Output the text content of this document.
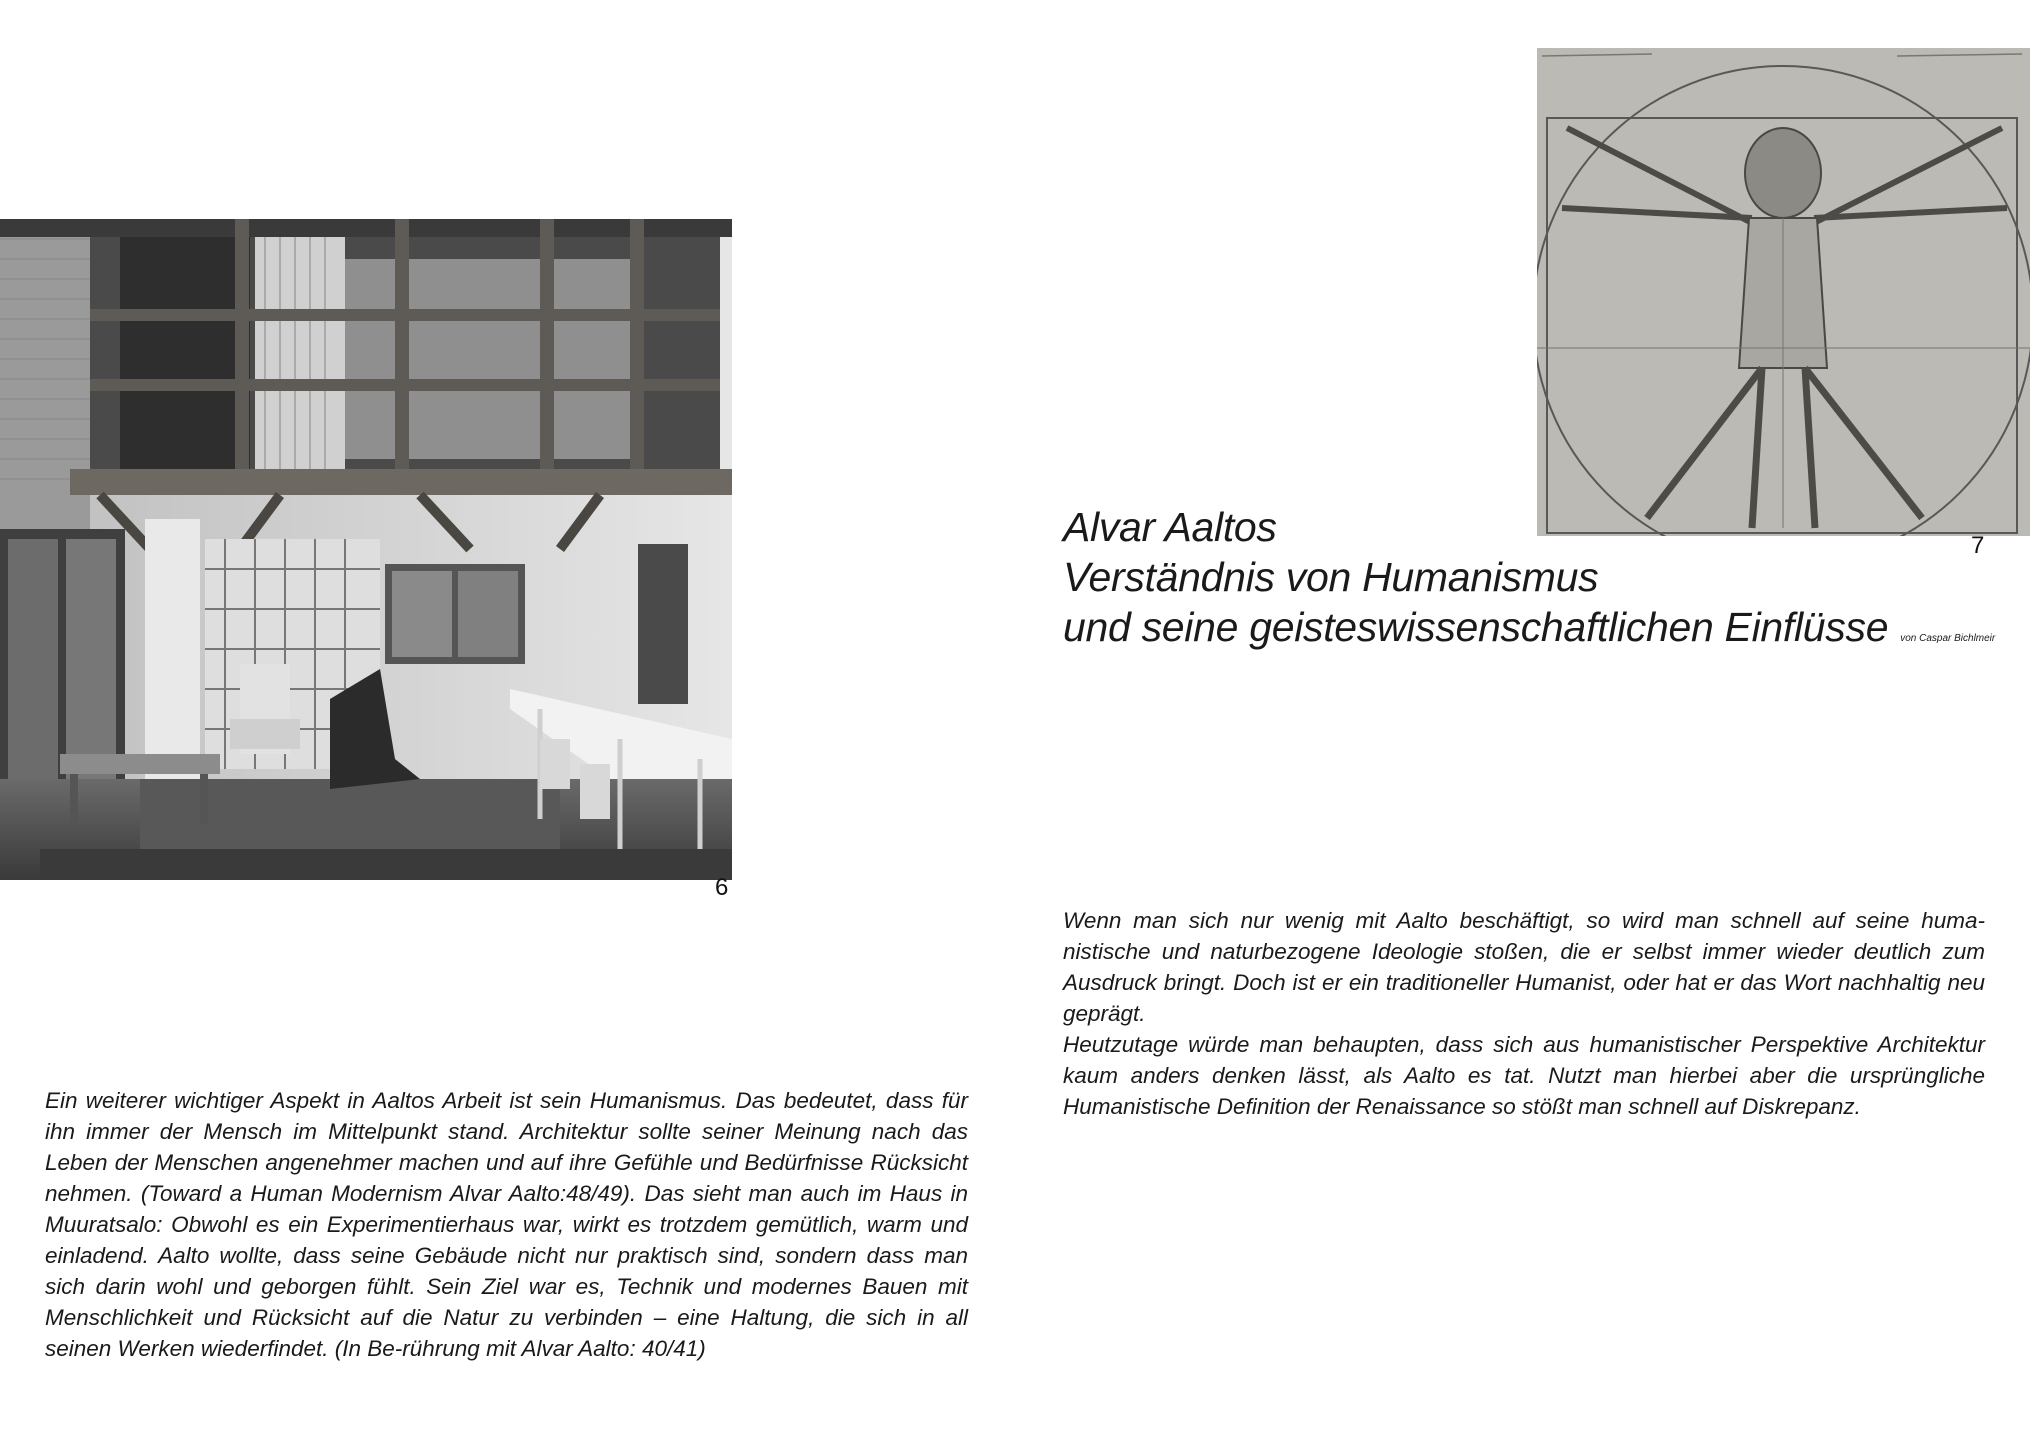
6
7
Alvar Aaltos
Verständnis von Humanismus
und seine geisteswissenschaftlichen Einflüsse von Caspar Bichlmeir

Wenn man sich nur wenig mit Aalto beschäftigt, so wird man schnell auf seine huma-nistische und naturbezogene Ideologie stoßen, die er selbst immer wieder deutlich zum Ausdruck bringt. Doch ist er ein traditioneller Humanist, oder hat er das Wort nachhaltig neu geprägt.

Heutzutage würde man behaupten, dass sich aus humanistischer Perspektive Architektur kaum anders denken lässt, als Aalto es tat. Nutzt man hierbei aber die ursprüngliche Humanistische Definition der Renaissance so stößt man schnell auf Diskrepanz.

Ein weiterer wichtiger Aspekt in Aaltos Arbeit ist sein Humanismus. Das bedeutet, dass für ihn immer der Mensch im Mittelpunkt stand. Architektur sollte seiner Meinung nach das Leben der Menschen angenehmer machen und auf ihre Gefühle und Bedürfnisse Rücksicht nehmen. (Toward a Human Modernism Alvar Aalto:48/49). Das sieht man auch im Haus in Muuratsalo: Obwohl es ein Experimentierhaus war, wirkt es trotzdem gemütlich, warm und einladend. Aalto wollte, dass seine Gebäude nicht nur praktisch sind, sondern dass man sich darin wohl und geborgen fühlt. Sein Ziel war es, Technik und modernes Bauen mit Menschlichkeit und Rücksicht auf die Natur zu verbinden – eine Haltung, die sich in all seinen Werken wiederfindet. (In Be-rührung mit Alvar Aalto: 40/41)
